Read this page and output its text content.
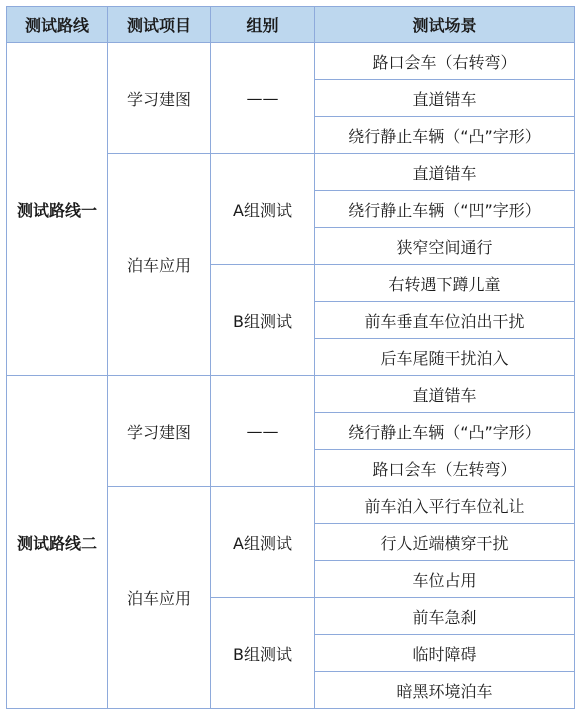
测试路线	测试项目	组别	测试场景
测试路线一	学习建图	——	路口会车（右转弯）
			直道错车
			绕行静止车辆（“凸”字形）
	泊车应用	A组测试	直道错车
			绕行静止车辆（“凹”字形）
			狭窄空间通行
		B组测试	右转遇下蹲儿童
			前车垂直车位泊出干扰
			后车尾随干扰泊入
测试路线二	学习建图	——	直道错车
			绕行静止车辆（“凸”字形）
			路口会车（左转弯）
	泊车应用	A组测试	前车泊入平行车位礼让
			行人近端横穿干扰
			车位占用
		B组测试	前车急刹
			临时障碍
			暗黑环境泊车
